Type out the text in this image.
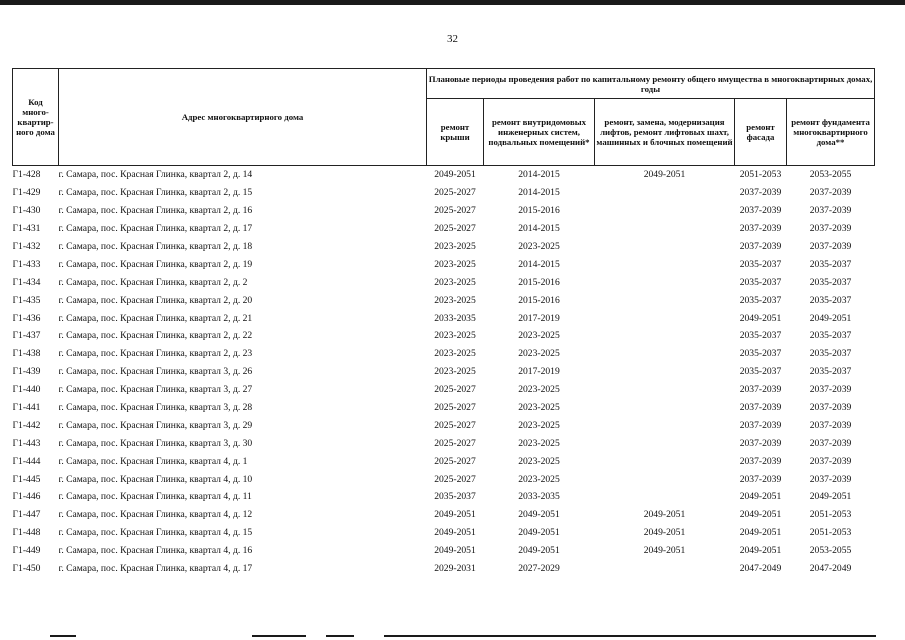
32
Код много-квартир-ного дома	Адрес многоквартирного дома	Плановые периоды проведения работ по капитальному ремонту общего имущества в многоквартирных домах, годы				
		ремонт крыши	ремонт внутридомовых инженерных систем, подвальных помещений*	ремонт, замена, модернизация лифтов, ремонт лифтовых шахт, машинных и блочных помещений	ремонт фасада	ремонт фундамента многоквартирного дома**
Г1-428	г. Самара, пос. Красная Глинка, квартал 2, д. 14	2049-2051	2014-2015	2049-2051	2051-2053	2053-2055
Г1-429	г. Самара, пос. Красная Глинка, квартал 2, д. 15	2025-2027	2014-2015		2037-2039	2037-2039
Г1-430	г. Самара, пос. Красная Глинка, квартал 2, д. 16	2025-2027	2015-2016		2037-2039	2037-2039
Г1-431	г. Самара, пос. Красная Глинка, квартал 2, д. 17	2025-2027	2014-2015		2037-2039	2037-2039
Г1-432	г. Самара, пос. Красная Глинка, квартал 2, д. 18	2023-2025	2023-2025		2037-2039	2037-2039
Г1-433	г. Самара, пос. Красная Глинка, квартал 2, д. 19	2023-2025	2014-2015		2035-2037	2035-2037
Г1-434	г. Самара, пос. Красная Глинка, квартал 2, д. 2	2023-2025	2015-2016		2035-2037	2035-2037
Г1-435	г. Самара, пос. Красная Глинка, квартал 2, д. 20	2023-2025	2015-2016		2035-2037	2035-2037
Г1-436	г. Самара, пос. Красная Глинка, квартал 2, д. 21	2033-2035	2017-2019		2049-2051	2049-2051
Г1-437	г. Самара, пос. Красная Глинка, квартал 2, д. 22	2023-2025	2023-2025		2035-2037	2035-2037
Г1-438	г. Самара, пос. Красная Глинка, квартал 2, д. 23	2023-2025	2023-2025		2035-2037	2035-2037
Г1-439	г. Самара, пос. Красная Глинка, квартал 3, д. 26	2023-2025	2017-2019		2035-2037	2035-2037
Г1-440	г. Самара, пос. Красная Глинка, квартал 3, д. 27	2025-2027	2023-2025		2037-2039	2037-2039
Г1-441	г. Самара, пос. Красная Глинка, квартал 3, д. 28	2025-2027	2023-2025		2037-2039	2037-2039
Г1-442	г. Самара, пос. Красная Глинка, квартал 3, д. 29	2025-2027	2023-2025		2037-2039	2037-2039
Г1-443	г. Самара, пос. Красная Глинка, квартал 3, д. 30	2025-2027	2023-2025		2037-2039	2037-2039
Г1-444	г. Самара, пос. Красная Глинка, квартал 4, д. 1	2025-2027	2023-2025		2037-2039	2037-2039
Г1-445	г. Самара, пос. Красная Глинка, квартал 4, д. 10	2025-2027	2023-2025		2037-2039	2037-2039
Г1-446	г. Самара, пос. Красная Глинка, квартал 4, д. 11	2035-2037	2033-2035		2049-2051	2049-2051
Г1-447	г. Самара, пос. Красная Глинка, квартал 4, д. 12	2049-2051	2049-2051	2049-2051	2049-2051	2051-2053
Г1-448	г. Самара, пос. Красная Глинка, квартал 4, д. 15	2049-2051	2049-2051	2049-2051	2049-2051	2051-2053
Г1-449	г. Самара, пос. Красная Глинка, квартал 4, д. 16	2049-2051	2049-2051	2049-2051	2049-2051	2053-2055
Г1-450	г. Самара, пос. Красная Глинка, квартал 4, д. 17	2029-2031	2027-2029		2047-2049	2047-2049
